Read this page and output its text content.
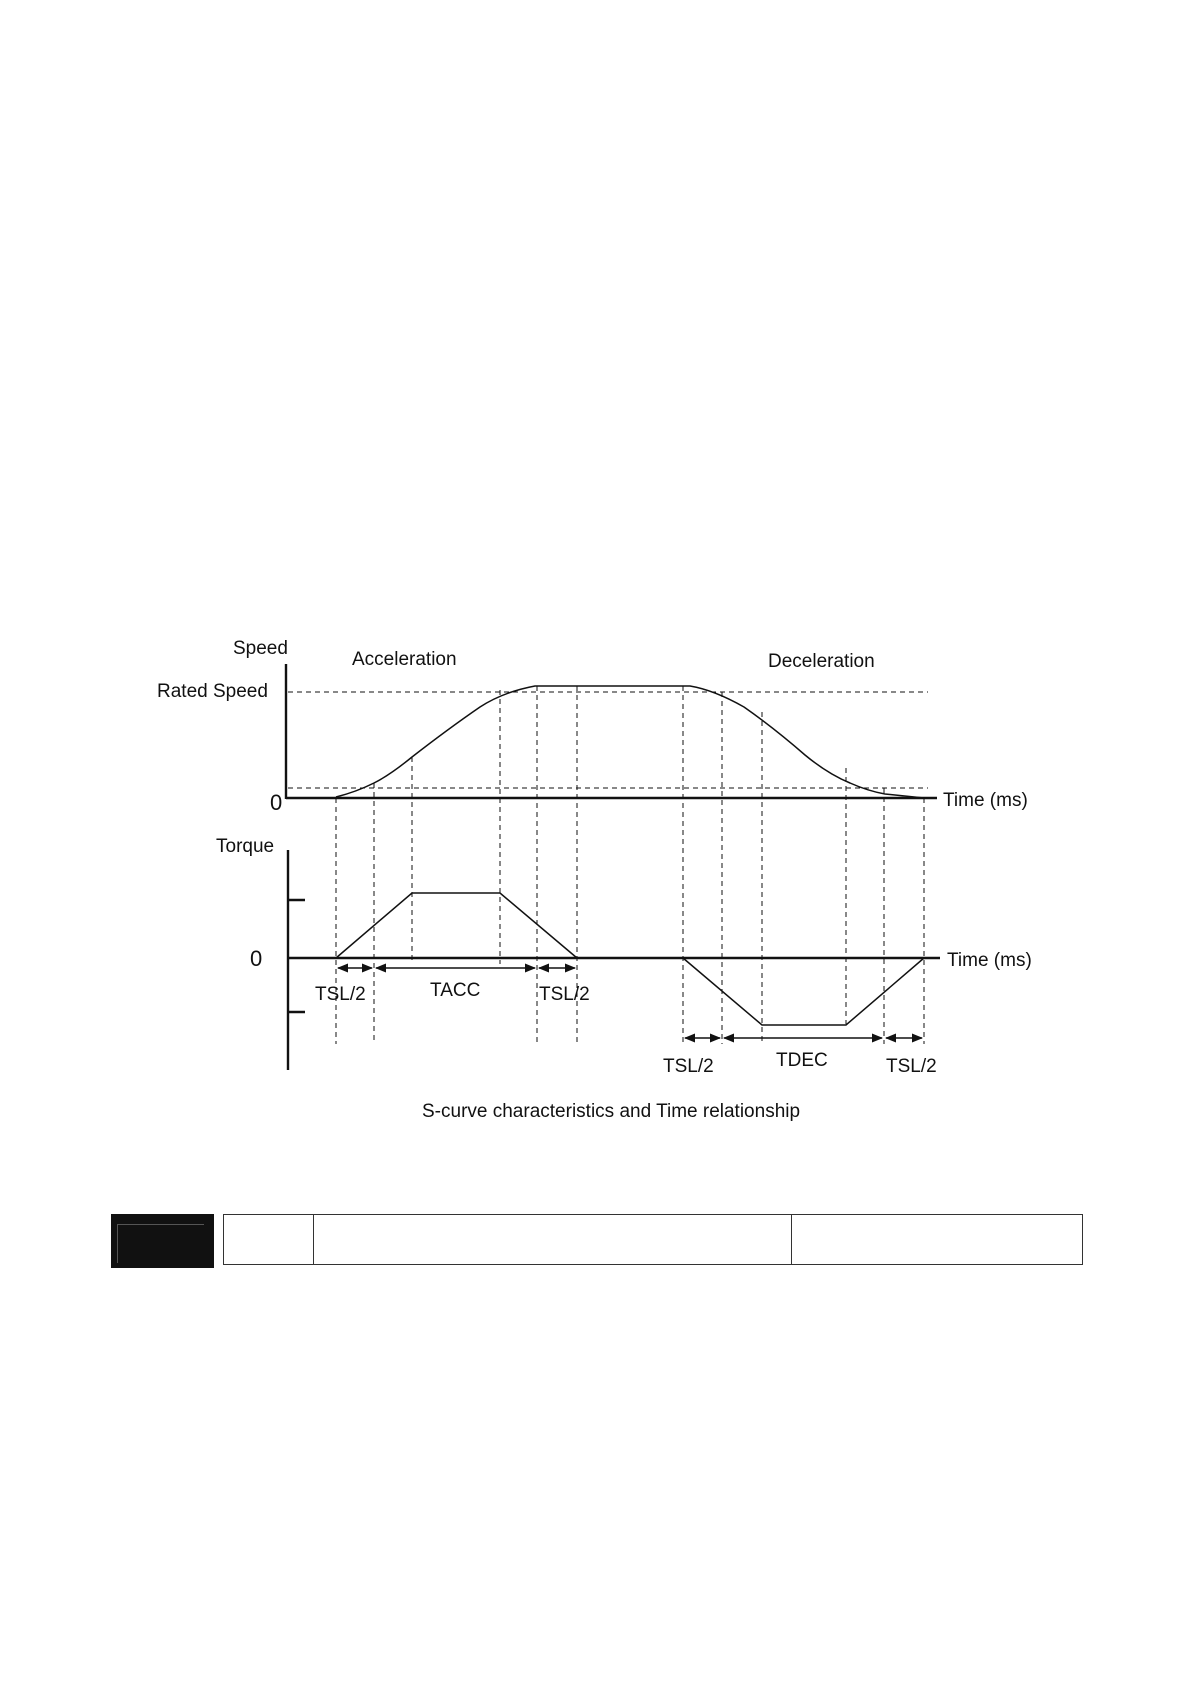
Speed
Rated Speed
0	Time (ms)
Acceleration	Deceleration
Torque
0	Time (ms)
TSL/2	TACC	TSL/2
TSL/2	TDEC	TSL/2
S-curve characteristics and Time relationship
